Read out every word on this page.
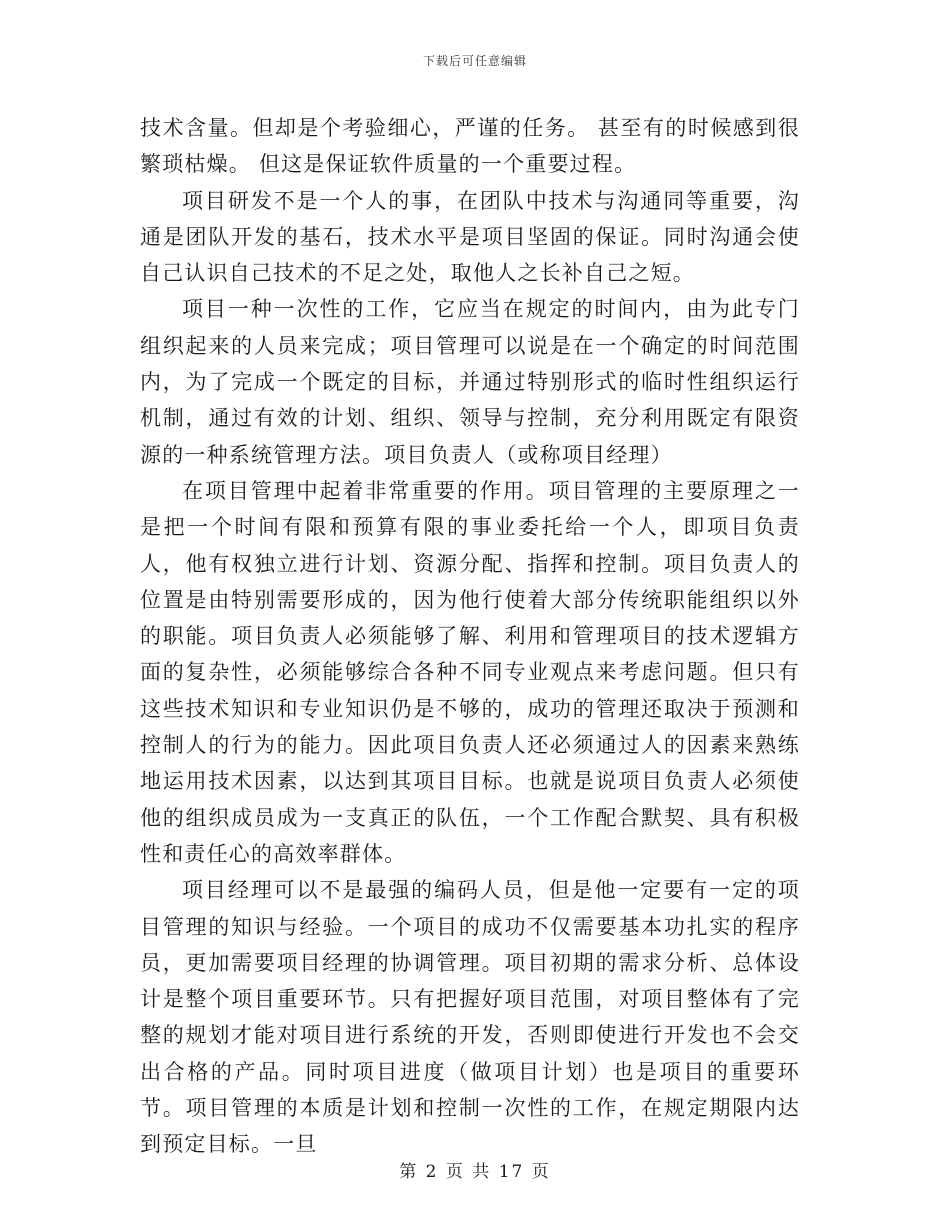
下载后可任意编辑

技术含量。但却是个考验细心，严谨的任务。 甚至有的时候感到很繁琐枯燥。 但这是保证软件质量的一个重要过程。

项目研发不是一个人的事，在团队中技术与沟通同等重要，沟通是团队开发的基石，技术水平是项目坚固的保证。同时沟通会使自己认识自己技术的不足之处，取他人之长补自己之短。

项目一种一次性的工作，它应当在规定的时间内，由为此专门组织起来的人员来完成；项目管理可以说是在一个确定的时间范围内，为了完成一个既定的目标，并通过特别形式的临时性组织运行机制，通过有效的计划、组织、领导与控制，充分利用既定有限资源的一种系统管理方法。项目负责人（或称项目经理）

在项目管理中起着非常重要的作用。项目管理的主要原理之一是把一个时间有限和预算有限的事业委托给一个人，即项目负责人，他有权独立进行计划、资源分配、指挥和控制。项目负责人的位置是由特别需要形成的，因为他行使着大部分传统职能组织以外的职能。项目负责人必须能够了解、利用和管理项目的技术逻辑方面的复杂性，必须能够综合各种不同专业观点来考虑问题。但只有这些技术知识和专业知识仍是不够的，成功的管理还取决于预测和控制人的行为的能力。因此项目负责人还必须通过人的因素来熟练地运用技术因素，以达到其项目目标。也就是说项目负责人必须使他的组织成员成为一支真正的队伍，一个工作配合默契、具有积极性和责任心的高效率群体。

项目经理可以不是最强的编码人员，但是他一定要有一定的项目管理的知识与经验。一个项目的成功不仅需要基本功扎实的程序员，更加需要项目经理的协调管理。项目初期的需求分析、总体设计是整个项目重要环节。只有把握好项目范围，对项目整体有了完整的规划才能对项目进行系统的开发，否则即使进行开发也不会交出合格的产品。同时项目进度（做项目计划）也是项目的重要环节。项目管理的本质是计划和控制一次性的工作，在规定期限内达到预定目标。一旦

第 2 页 共 17 页
